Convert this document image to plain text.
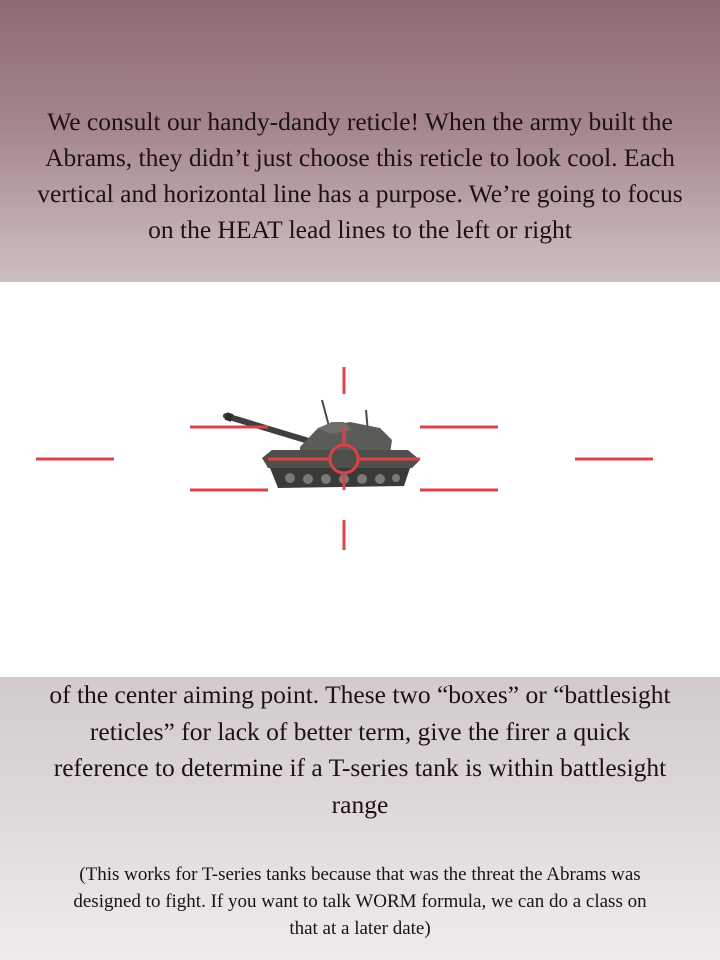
We consult our handy-dandy reticle! When the army built the Abrams, they didn’t just choose this reticle to look cool. Each vertical and horizontal line has a purpose. We’re going to focus on the HEAT lead lines to the left or right

of the center aiming point. These two “boxes” or “battlesight reticles” for lack of better term, give the firer a quick reference to determine if a T-series tank is within battlesight range

(This works for T-series tanks because that was the threat the Abrams was designed to fight. If you want to talk WORM formula, we can do a class on that at a later date)
